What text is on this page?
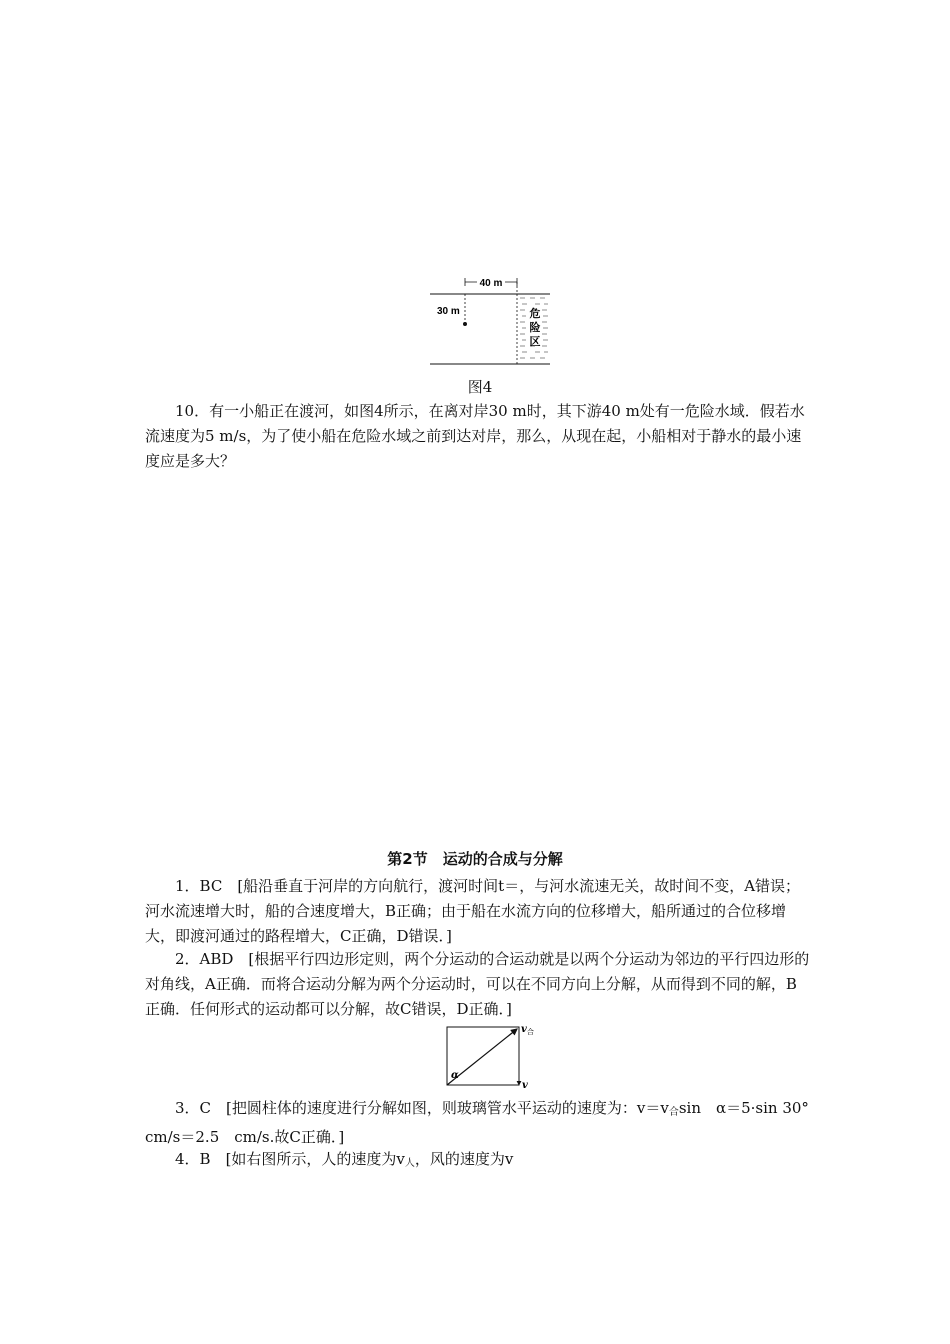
40 m
30 m	危
险
区
图4

10．有一小船正在渡河，如图4所示，在离对岸30 m时，其下游40 m处有一危险水域．假若水流速度为5 m/s，为了使小船在危险水域之前到达对岸，那么，从现在起，小船相对于静水的最小速度应是多大？

第2节　运动的合成与分解

1．BC　[船沿垂直于河岸的方向航行，渡河时间t＝，与河水流速无关，故时间不变，A错误；河水流速增大时，船的合速度增大，B正确；由于船在水流方向的位移增大，船所通过的合位移增大，即渡河通过的路程增大，C正确，D错误．]

2．ABD　[根据平行四边形定则，两个分运动的合运动就是以两个分运动为邻边的平行四边形的对角线，A正确．而将合运动分解为两个分运动时，可以在不同方向上分解，从而得到不同的解，B正确．任何形式的运动都可以分解，故C错误，D正确．]

v 合
v
α

3．C　[把圆柱体的速度进行分解如图，则玻璃管水平运动的速度为：$v=v_合\sin$　α＝5·sin 30° cm/s＝2.5　cm/s.故C正确．]

4．B　[如右图所示，人的速度为$v_人$，风的速度为v
